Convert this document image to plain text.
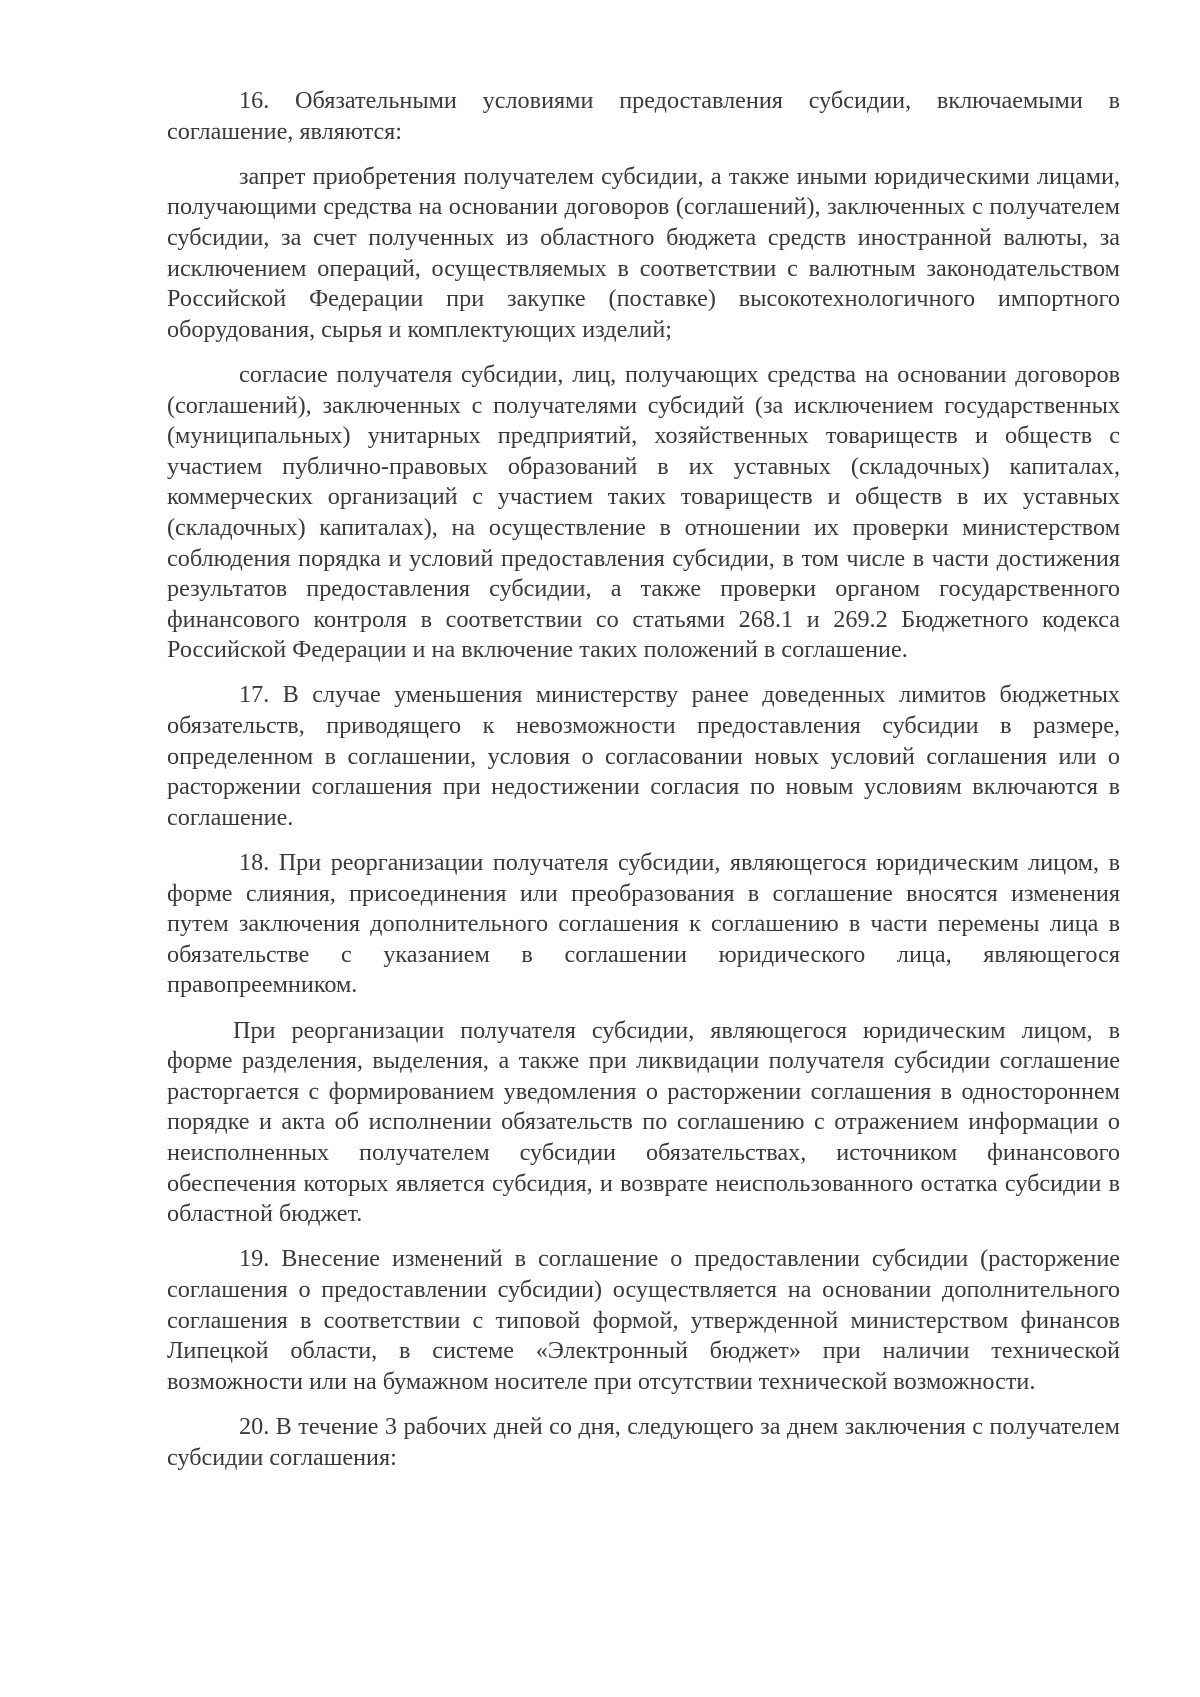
16. Обязательными условиями предоставления субсидии, включаемыми в соглашение, являются:

запрет приобретения получателем субсидии, а также иными юридическими лицами, получающими средства на основании договоров (соглашений), заключенных с получателем субсидии, за счет полученных из областного бюджета средств иностранной валюты, за исключением операций, осуществляемых в соответствии с валютным законодательством Российской Федерации при закупке (поставке) высокотехнологичного импортного оборудования, сырья и комплектующих изделий;

согласие получателя субсидии, лиц, получающих средства на основании договоров (соглашений), заключенных с получателями субсидий (за исключением государственных (муниципальных) унитарных предприятий, хозяйственных товариществ и обществ с участием публично-правовых образований в их уставных (складочных) капиталах, коммерческих организаций с участием таких товариществ и обществ в их уставных (складочных) капиталах), на осуществление в отношении их проверки министерством соблюдения порядка и условий предоставления субсидии, в том числе в части достижения результатов предоставления субсидии, а также проверки органом государственного финансового контроля в соответствии со статьями 268.1 и 269.2 Бюджетного кодекса Российской Федерации и на включение таких положений в соглашение.

17. В случае уменьшения министерству ранее доведенных лимитов бюджетных обязательств, приводящего к невозможности предоставления субсидии в размере, определенном в соглашении, условия о согласовании новых условий соглашения или о расторжении соглашения при недостижении согласия по новым условиям включаются в соглашение.

18. При реорганизации получателя субсидии, являющегося юридическим лицом, в форме слияния, присоединения или преобразования в соглашение вносятся изменения путем заключения дополнительного соглашения к соглашению в части перемены лица в обязательстве с указанием в соглашении юридического лица, являющегося правопреемником.

При реорганизации получателя субсидии, являющегося юридическим лицом, в форме разделения, выделения, а также при ликвидации получателя субсидии соглашение расторгается с формированием уведомления о расторжении соглашения в одностороннем порядке и акта об исполнении обязательств по соглашению с отражением информации о неисполненных получателем субсидии обязательствах, источником финансового обеспечения которых является субсидия, и возврате неиспользованного остатка субсидии в областной бюджет.

19. Внесение изменений в соглашение о предоставлении субсидии (расторжение соглашения о предоставлении субсидии) осуществляется на основании дополнительного соглашения в соответствии с типовой формой, утвержденной министерством финансов Липецкой области, в системе «Электронный бюджет» при наличии технической возможности или на бумажном носителе при отсутствии технической возможности.

20. В течение 3 рабочих дней со дня, следующего за днем заключения с получателем субсидии соглашения:
